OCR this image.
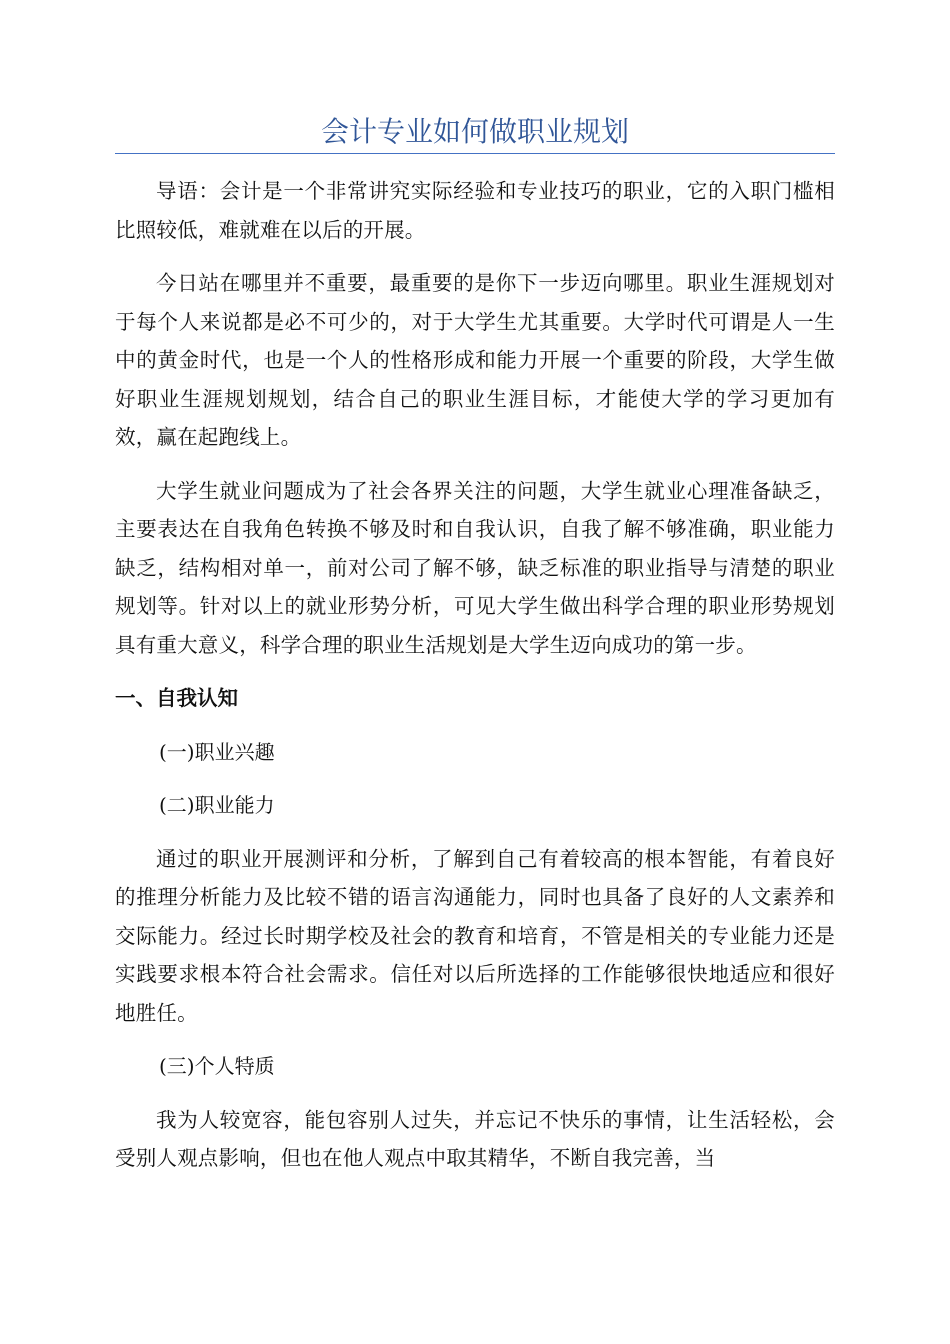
会计专业如何做职业规划

导语：会计是一个非常讲究实际经验和专业技巧的职业，它的入职门槛相比照较低，难就难在以后的开展。

今日站在哪里并不重要，最重要的是你下一步迈向哪里。职业生涯规划对于每个人来说都是必不可少的，对于大学生尤其重要。大学时代可谓是人一生中的黄金时代，也是一个人的性格形成和能力开展一个重要的阶段，大学生做好职业生涯规划规划，结合自己的职业生涯目标，才能使大学的学习更加有效，赢在起跑线上。

大学生就业问题成为了社会各界关注的问题，大学生就业心理准备缺乏，主要表达在自我角色转换不够及时和自我认识，自我了解不够准确，职业能力缺乏，结构相对单一，前对公司了解不够，缺乏标准的职业指导与清楚的职业规划等。针对以上的就业形势分析，可见大学生做出科学合理的职业形势规划具有重大意义，科学合理的职业生活规划是大学生迈向成功的第一步。

一、自我认知

(一)职业兴趣

(二)职业能力

通过的职业开展测评和分析，了解到自己有着较高的根本智能，有着良好的推理分析能力及比较不错的语言沟通能力，同时也具备了良好的人文素养和交际能力。经过长时期学校及社会的教育和培育，不管是相关的专业能力还是实践要求根本符合社会需求。信任对以后所选择的工作能够很快地适应和很好地胜任。

(三)个人特质

我为人较宽容，能包容别人过失，并忘记不快乐的事情，让生活轻松，会受别人观点影响，但也在他人观点中取其精华，不断自我完善，当
